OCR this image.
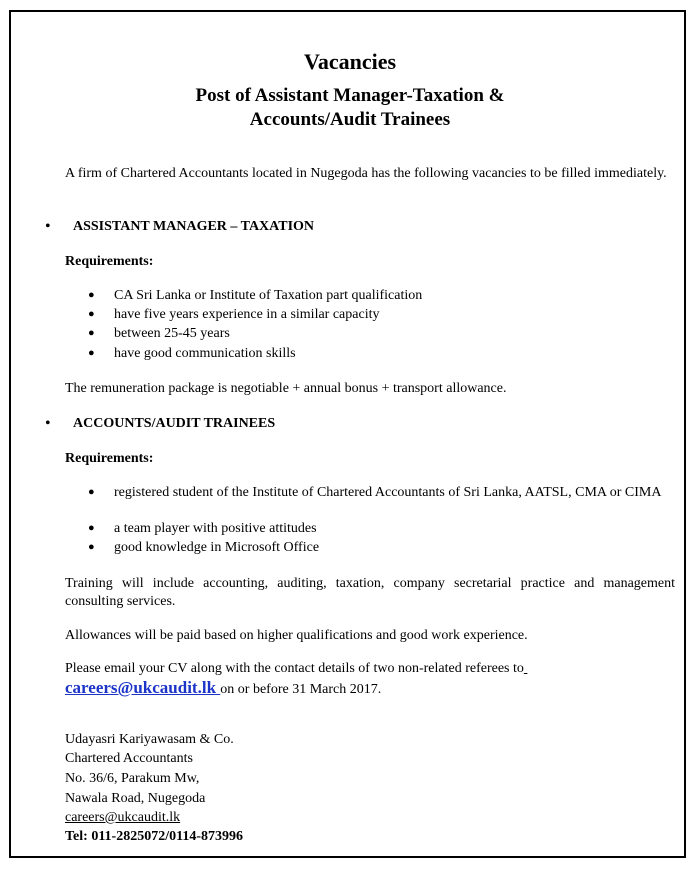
Vacancies
Post of Assistant Manager-Taxation &
Accounts/Audit Trainees

A firm of Chartered Accountants located in Nugegoda has the following vacancies to be filled immediately.

• ASSISTANT MANAGER – TAXATION
Requirements:
● CA Sri Lanka or Institute of Taxation part qualification
● have five years experience in a similar capacity
● between 25-45 years
● have good communication skills
The remuneration package is negotiable + annual bonus + transport allowance.
• ACCOUNTS/AUDIT TRAINEES
Requirements:
● registered student of the Institute of Chartered Accountants of Sri Lanka, AATSL, CMA or CIMA
● a team player with positive attitudes
● good knowledge in Microsoft Office

Training will include accounting, auditing, taxation, company secretarial practice and management consulting services.

Allowances will be paid based on higher qualifications and good work experience.

Please email your CV along with the contact details of two non-related referees to
careers@ukcaudit.lk on or before 31 March 2017.
Udayasri Kariyawasam & Co.
Chartered Accountants
No. 36/6, Parakum Mw,
Nawala Road, Nugegoda
careers@ukcaudit.lk
Tel: 011-2825072/0114-873996
